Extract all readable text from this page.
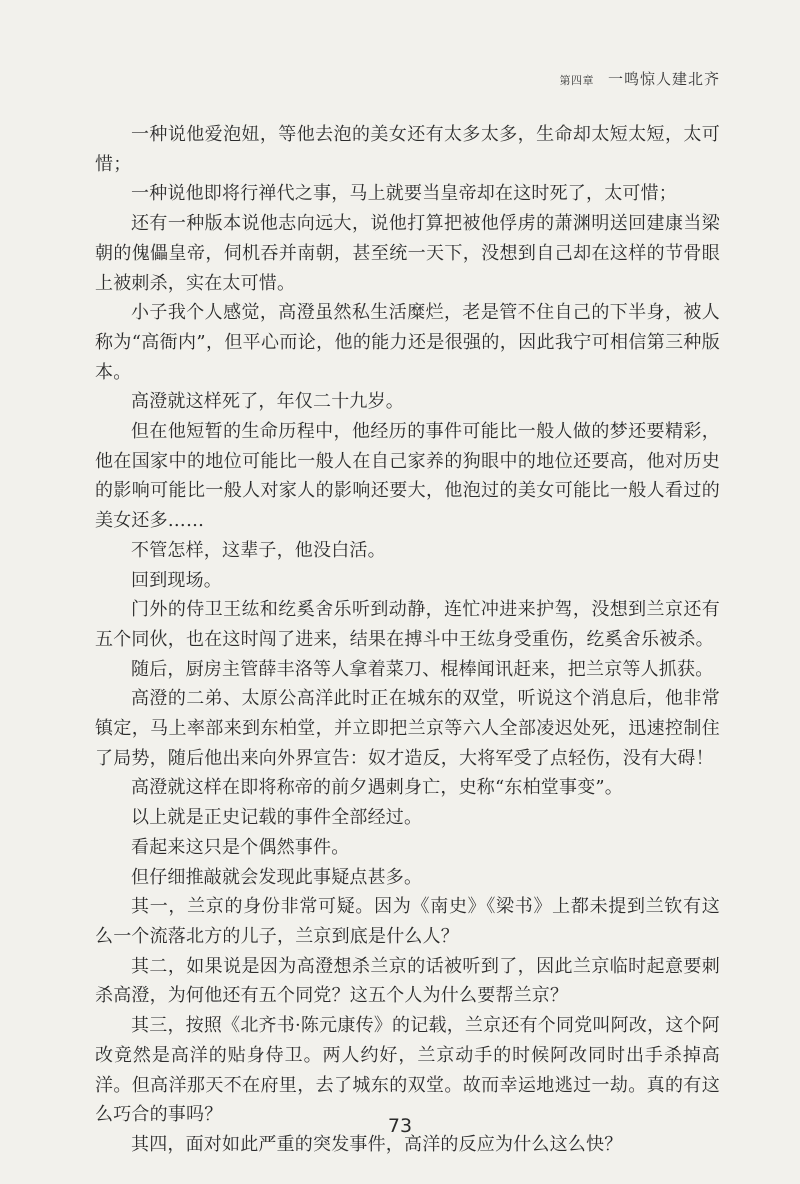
第四章 一鸣惊人建北齐

一种说他爱泡妞，等他去泡的美女还有太多太多，生命却太短太短，太可惜；

一种说他即将行禅代之事，马上就要当皇帝却在这时死了，太可惜；

还有一种版本说他志向远大，说他打算把被他俘虏的萧渊明送回建康当梁朝的傀儡皇帝，伺机吞并南朝，甚至统一天下，没想到自己却在这样的节骨眼上被刺杀，实在太可惜。

小子我个人感觉，高澄虽然私生活糜烂，老是管不住自己的下半身，被人称为“高衙内”，但平心而论，他的能力还是很强的，因此我宁可相信第三种版本。

高澄就这样死了，年仅二十九岁。

但在他短暂的生命历程中，他经历的事件可能比一般人做的梦还要精彩，他在国家中的地位可能比一般人在自己家养的狗眼中的地位还要高，他对历史的影响可能比一般人对家人的影响还要大，他泡过的美女可能比一般人看过的美女还多……

不管怎样，这辈子，他没白活。

回到现场。

门外的侍卫王纮和纥奚舍乐听到动静，连忙冲进来护驾，没想到兰京还有五个同伙，也在这时闯了进来，结果在搏斗中王纮身受重伤，纥奚舍乐被杀。

随后，厨房主管薛丰洛等人拿着菜刀、棍棒闻讯赶来，把兰京等人抓获。

高澄的二弟、太原公高洋此时正在城东的双堂，听说这个消息后，他非常镇定，马上率部来到东柏堂，并立即把兰京等六人全部凌迟处死，迅速控制住了局势，随后他出来向外界宣告：奴才造反，大将军受了点轻伤，没有大碍！

高澄就这样在即将称帝的前夕遇刺身亡，史称“东柏堂事变”。

以上就是正史记载的事件全部经过。

看起来这只是个偶然事件。

但仔细推敲就会发现此事疑点甚多。

其一，兰京的身份非常可疑。因为《南史》《梁书》上都未提到兰钦有这么一个流落北方的儿子，兰京到底是什么人？

其二，如果说是因为高澄想杀兰京的话被听到了，因此兰京临时起意要刺杀高澄，为何他还有五个同党？这五个人为什么要帮兰京？

其三，按照《北齐书·陈元康传》的记载，兰京还有个同党叫阿改，这个阿改竟然是高洋的贴身侍卫。两人约好，兰京动手的时候阿改同时出手杀掉高洋。但高洋那天不在府里，去了城东的双堂。故而幸运地逃过一劫。真的有这么巧合的事吗？

其四，面对如此严重的突发事件，高洋的反应为什么这么快？

73
